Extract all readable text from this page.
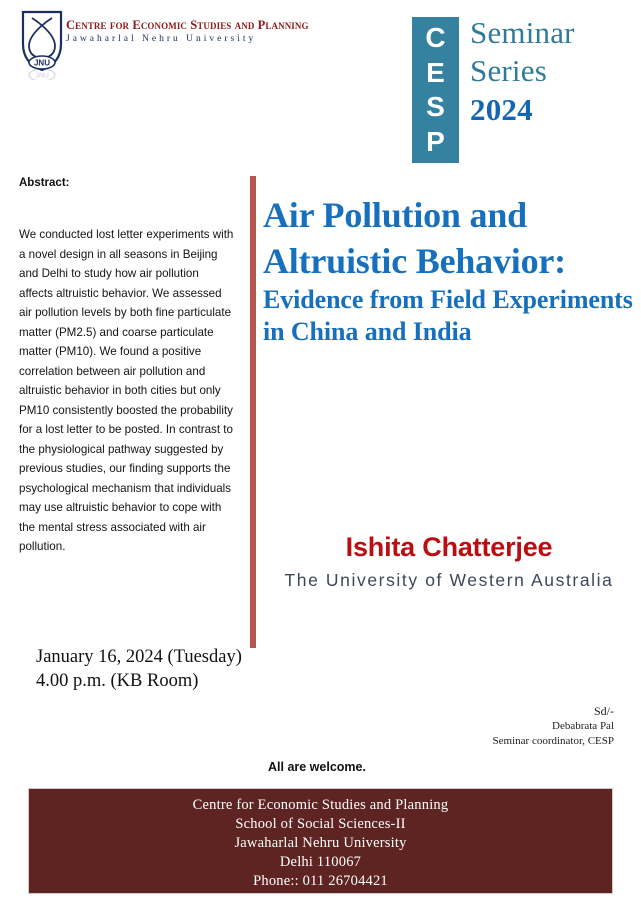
JNU
JNU
Centre for Economic Studies and Planning
Jawaharlal Nehru University	C
E
S
P
Seminar
Series
2024
Abstract:
We conducted lost letter experiments with a novel design in all seasons in Beijing and Delhi to study how air pollution affects altruistic behavior. We assessed air pollution levels by both fine particulate matter (PM2.5) and coarse particulate matter (PM10). We found a positive correlation between air pollution and altruistic behavior in both cities but only PM10 consistently boosted the probability for a lost letter to be posted. In contrast to the physiological pathway suggested by previous studies, our finding supports the psychological mechanism that individuals may use altruistic behavior to cope with the mental stress associated with air pollution.
Air Pollution and Altruistic Behavior: Evidence from Field Experiments in China and India
Ishita Chatterjee
The University of Western Australia
January 16, 2024 (Tuesday)
4.00 p.m. (KB Room)
Sd/-
Debabrata Pal
Seminar coordinator, CESP
All are welcome.
Centre for Economic Studies and Planning
School of Social Sciences-II
Jawaharlal Nehru University
Delhi 110067
Phone:: 011 26704421
